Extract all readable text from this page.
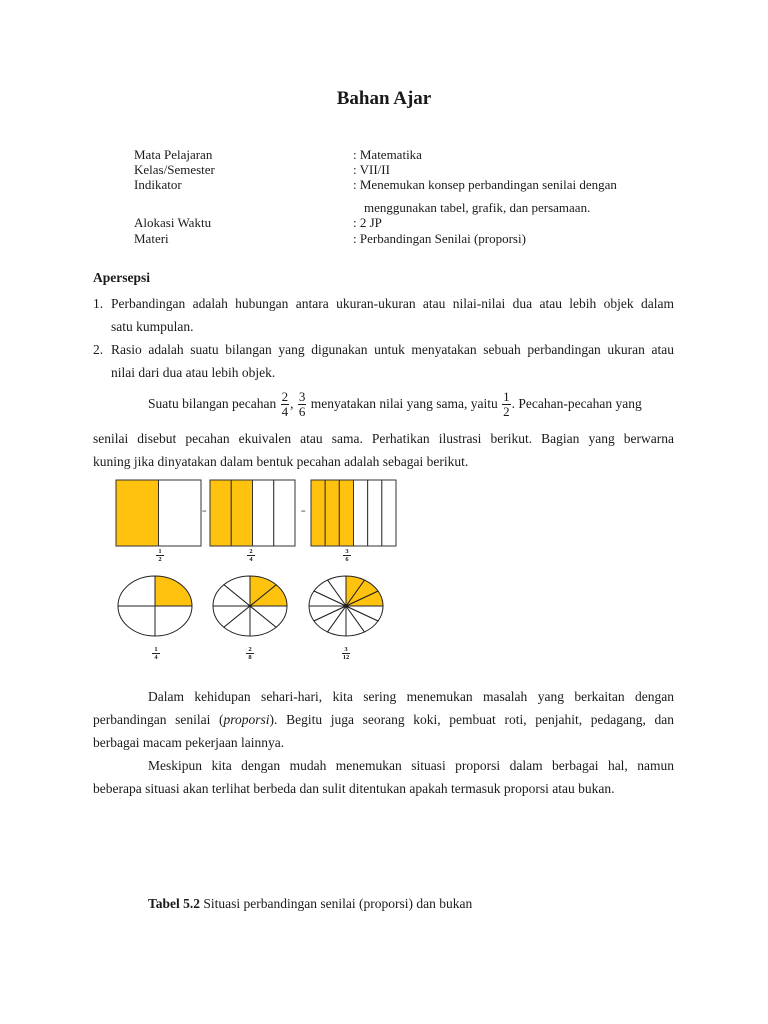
Bahan Ajar
Mata Pelajaran	: Matematika
Kelas/Semester	: VII/II
Indikator	: Menemukan konsep perbandingan senilai dengan
menggunakan tabel, grafik, dan persamaan.
Alokasi Waktu	: 2 JP
Materi	: Perbandingan Senilai (proporsi)
Apersepsi
1. Perbandingan adalah hubungan antara ukuran-ukuran atau nilai-nilai dua atau lebih objek dalam
satu kumpulan.
2. Rasio adalah suatu bilangan yang digunakan untuk menyatakan sebuah perbandingan ukuran atau
nilai dari dua atau lebih objek.
Suatu bilangan pecahan $\frac{2}{4}$ , $\frac{3}{6}$ menyatakan nilai yang sama, yaitu $\frac{1}{2}$ . Pecahan-pecahan yang
senilai disebut pecahan ekuivalen atau sama. Perhatikan ilustrasi berikut. Bagian yang berwarna
kuning jika dinyatakan dalam bentuk pecahan adalah sebagai berikut.
=	=
1
2
2
4
3
6
1
4
2
8
3
12
Dalam kehidupan sehari-hari, kita sering menemukan masalah yang berkaitan dengan
perbandingan senilai (proporsi). Begitu juga seorang koki, pembuat roti, penjahit, pedagang, dan
berbagai macam pekerjaan lainnya.
Meskipun kita dengan mudah menemukan situasi proporsi dalam berbagai hal, namun
beberapa situasi akan terlihat berbeda dan sulit ditentukan apakah termasuk proporsi atau bukan.
Tabel 5.2 Situasi perbandingan senilai (proporsi) dan bukan
